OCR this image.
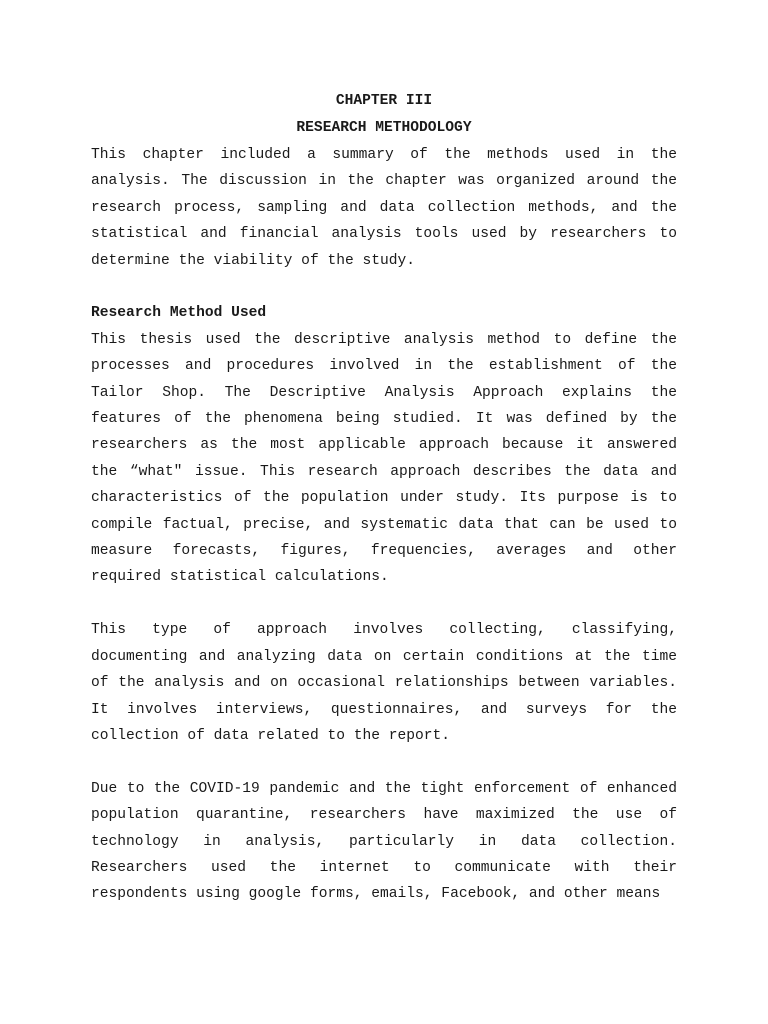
CHAPTER III

RESEARCH METHODOLOGY

This chapter included a summary of the methods used in the analysis. The discussion in the chapter was organized around the research process, sampling and data collection methods, and the statistical and financial analysis tools used by researchers to determine the viability of the study.

Research Method Used

This thesis used the descriptive analysis method to define the processes and procedures involved in the establishment of the Tailor Shop. The Descriptive Analysis Approach explains the features of the phenomena being studied. It was defined by the researchers as the most applicable approach because it answered the “what" issue. This research approach describes the data and characteristics of the population under study. Its purpose is to compile factual, precise, and systematic data that can be used to measure forecasts, figures, frequencies, averages and other required statistical calculations.

This type of approach involves collecting, classifying, documenting and analyzing data on certain conditions at the time of the analysis and on occasional relationships between variables. It involves interviews, questionnaires, and surveys for the collection of data related to the report.

Due to the COVID-19 pandemic and the tight enforcement of enhanced population quarantine, researchers have maximized the use of technology in analysis, particularly in data collection. Researchers used the internet to communicate with their respondents using google forms, emails, Facebook, and other means
